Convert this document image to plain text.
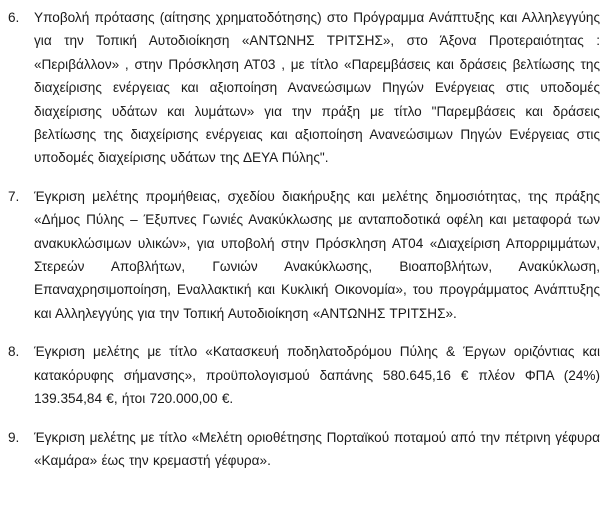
6. Υποβολή πρότασης (αίτησης χρηματοδότησης) στο Πρόγραμμα Ανάπτυξης και Αλληλεγγύης για την Τοπική Αυτοδιοίκηση «ΑΝΤΩΝΗΣ ΤΡΙΤΣΗΣ», στο Άξονα Προτεραιότητας : «Περιβάλλον» , στην Πρόσκληση ΑΤ03 , με τίτλο «Παρεμβάσεις και δράσεις βελτίωσης της διαχείρισης ενέργειας και αξιοποίηση Ανανεώσιμων Πηγών Ενέργειας στις υποδομές διαχείρισης υδάτων και λυμάτων» για την πράξη με τίτλο "Παρεμβάσεις και δράσεις βελτίωσης της διαχείρισης ενέργειας και αξιοποίηση Ανανεώσιμων Πηγών Ενέργειας στις υποδομές διαχείρισης υδάτων της ΔΕΥΑ Πύλης".
7. Έγκριση μελέτης προμήθειας, σχεδίου διακήρυξης και μελέτης δημοσιότητας, της πράξης «Δήμος Πύλης – Έξυπνες Γωνιές Ανακύκλωσης με ανταποδοτικά οφέλη και μεταφορά των ανακυκλώσιμων υλικών», για υποβολή στην Πρόσκληση ΑΤ04 «Διαχείριση Απορριμμάτων, Στερεών Αποβλήτων, Γωνιών Ανακύκλωσης, Βιοαποβλήτων, Ανακύκλωση, Επαναχρησιμοποίηση, Εναλλακτική και Κυκλική Οικονομία», του προγράμματος Ανάπτυξης και Αλληλεγγύης για την Τοπική Αυτοδιοίκηση «ΑΝΤΩΝΗΣ ΤΡΙΤΣΗΣ».
8. Έγκριση μελέτης με τίτλο «Κατασκευή ποδηλατοδρόμου Πύλης & Έργων οριζόντιας και κατακόρυφης σήμανσης», προϋπολογισμού δαπάνης 580.645,16 € πλέον ΦΠΑ (24%) 139.354,84 €, ήτοι 720.000,00 €.
9. Έγκριση μελέτης με τίτλο «Μελέτη οριοθέτησης Πορταϊκού ποταμού από την πέτρινη γέφυρα «Καμάρα» έως την κρεμαστή γέφυρα».
